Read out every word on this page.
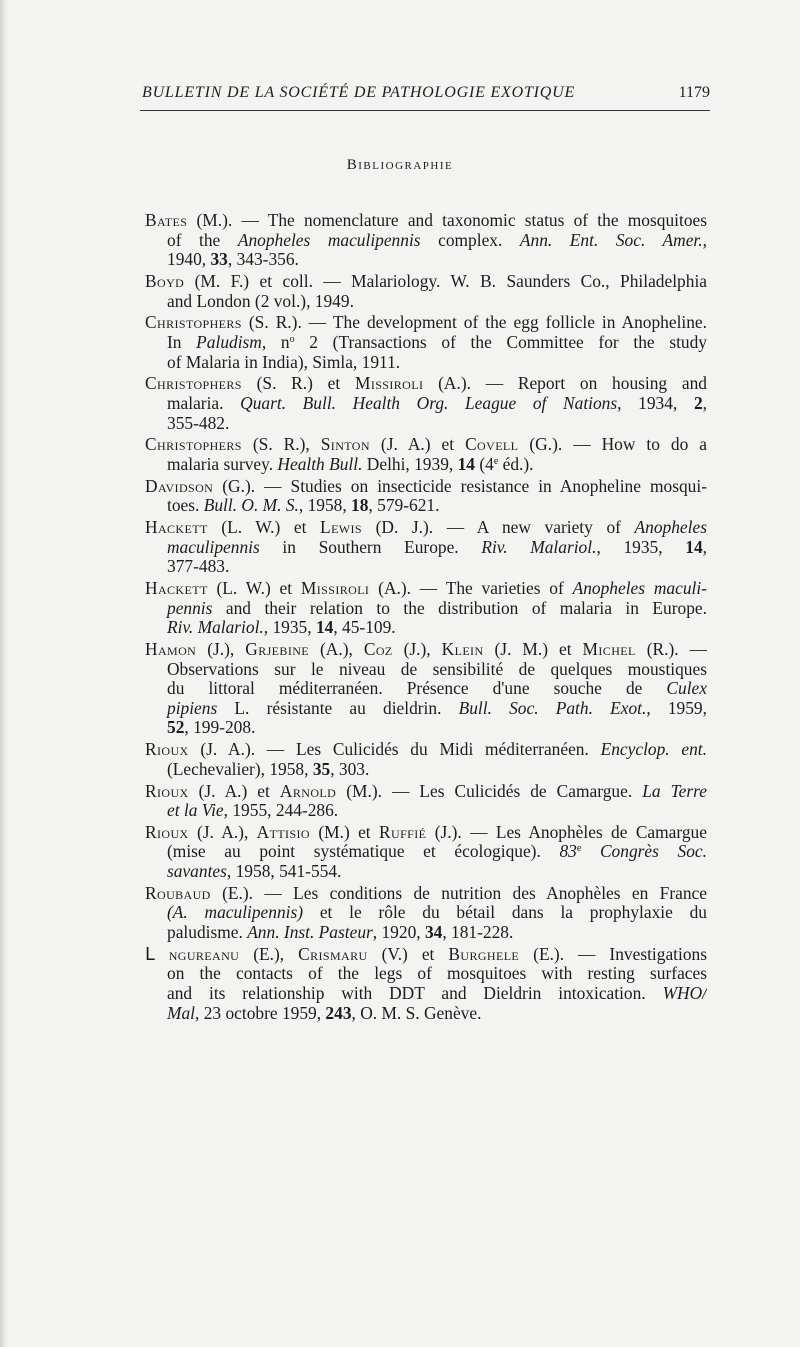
BULLETIN DE LA SOCIÉTÉ DE PATHOLOGIE EXOTIQUE	1179
Bibliographie
Bates (M.). — The nomenclature and taxonomic status of the mosquitoes
of the Anopheles maculipennis complex. Ann. Ent. Soc. Amer.,
1940, 33, 343-356.
Boyd (M. F.) et coll. — Malariology. W. B. Saunders Co., Philadelphia
and London (2 vol.), 1949.
Christophers (S. R.). — The development of the egg follicle in Anopheline.
In Paludism, $n^o$ 2 (Transactions of the Committee for the study
of Malaria in India), Simla, 1911.
Christophers (S. R.) et Missiroli (A.). — Report on housing and
malaria. Quart. Bull. Health Org. League of Nations, 1934, 2,
355-482.
Christophers (S. R.), Sinton (J. A.) et Covell (G.). — How to do a
malaria survey. Health Bull. Delhi, 1939, 14 (4e éd.).
Davidson (G.). — Studies on insecticide resistance in Anopheline mosqui-
toes. Bull. O. M. S., 1958, 18, 579-621.
Hackett (L. W.) et Lewis (D. J.). — A new variety of Anopheles
maculipennis in Southern Europe. Riv. Malariol., 1935, 14,
377-483.
Hackett (L. W.) et Missiroli (A.). — The varieties of Anopheles maculi-
pennis and their relation to the distribution of malaria in Europe.
Riv. Malariol., 1935, 14, 45-109.
Hamon (J.), Grjebine (A.), Coz (J.), Klein (J. M.) et Michel (R.). —
Observations sur le niveau de sensibilité de quelques moustiques
du littoral méditerranéen. Présence d'une souche de Culex
pipiens L. résistante au dieldrin. Bull. Soc. Path. Exot., 1959,
52, 199-208.
Rioux (J. A.). — Les Culicidés du Midi méditerranéen. Encyclop. ent.
(Lechevalier), 1958, 35, 303.
Rioux (J. A.) et Arnold (M.). — Les Culicidés de Camargue. La Terre
et la Vie, 1955, 244-286.
Rioux (J. A.), Attisio (M.) et Ruffié (J.). — Les Anophèles de Camargue
(mise au point systématique et écologique). 83e Congrès Soc.
savantes, 1958, 541-554.
Roubaud (E.). — Les conditions de nutrition des Anophèles en France
(A. maculipennis) et le rôle du bétail dans la prophylaxie du
paludisme. Ann. Inst. Pasteur, 1920, 34, 181-228.
ᒪ ngureanu (E.), Crismaru (V.) et Burghele (E.). — Investigations
on the contacts of the legs of mosquitoes with resting surfaces
and its relationship with DDT and Dieldrin intoxication. WHO/
Mal, 23 octobre 1959, 243, O. M. S. Genève.
